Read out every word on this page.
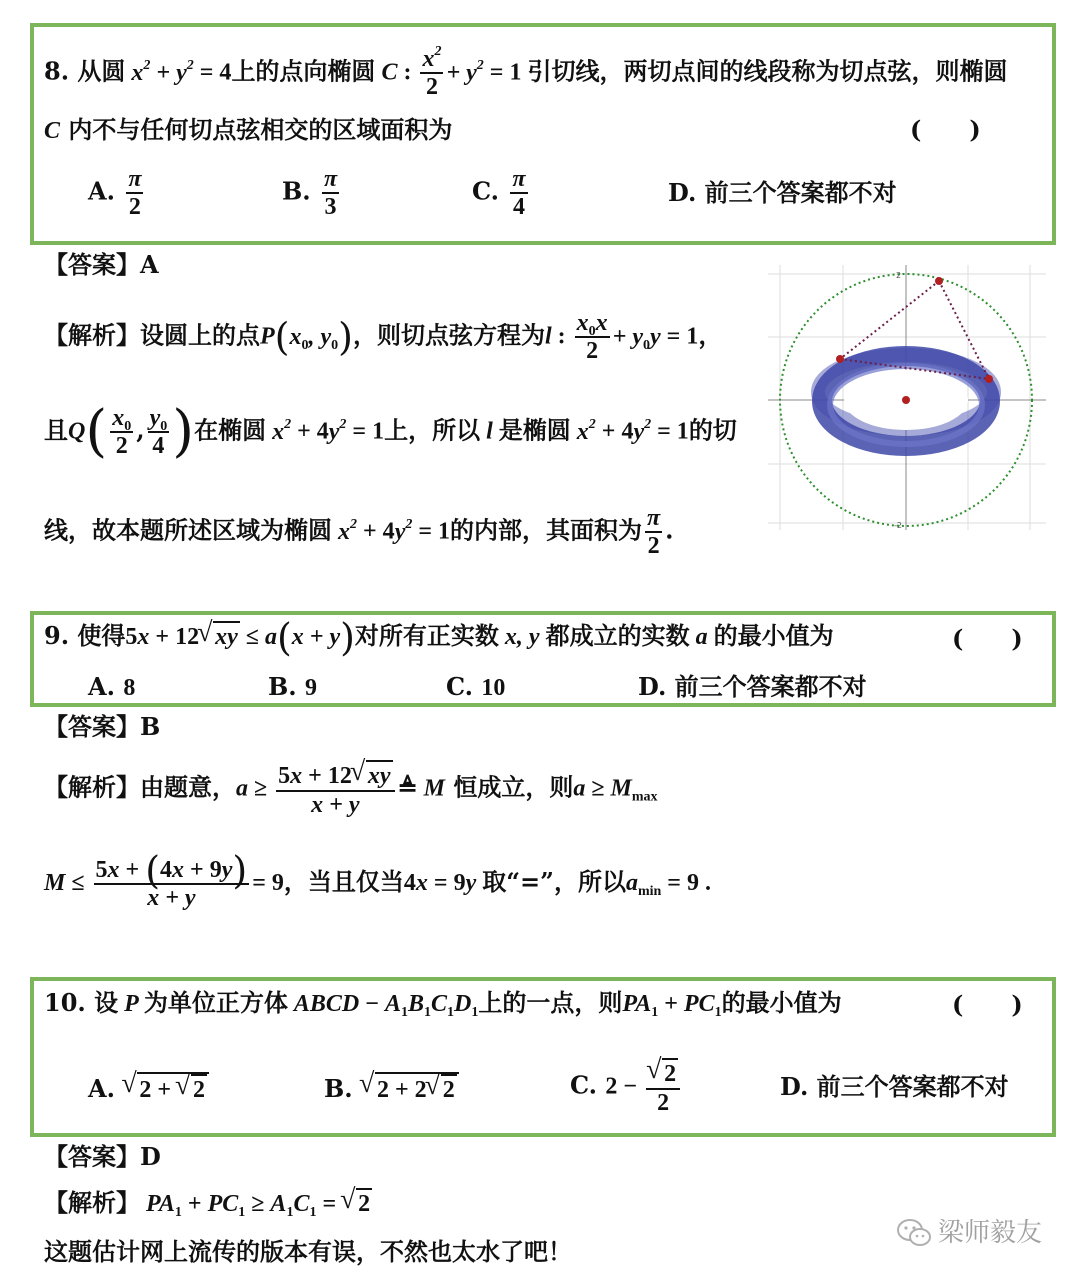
8. 从圆 $x^2 + y^2 = 4$上的点向椭圆 C : $\frac{x^2}{2} + y^2 = 1$ 引切线，两切点间的线段称为切点弦，则椭圆
C 内不与任何切点弦相交的区域面积为	(　　)
A. $\frac{\pi}{2}$	B. $\frac{\pi}{3}$	C. $\frac{\pi}{4}$	D. 前三个答案都不对
【答案】A
【解析】设圆上的点$P(x_0$, $y_0$)，则切点弦方程为l : $\frac{x_0x}{2} + y_0y = 1$，
且$Q( \frac{x_0}{2}$ , $\frac{y_0}{4}$ )在椭圆 $x^2 + 4y^2 = 1$上，所以 l 是椭圆 $x^2 + 4y^2 = 1$的切
线，故本题所述区域为椭圆 $x^2 + 4y^2 = 1$的内部，其面积为 $\frac{\pi}{2}$ .
2
-2
9. 使得5x + 12 √ xy ≤ a(x + y)对所有正实数 x, y 都成立的实数 a 的最小值为	(　　)
A. 8	B. 9	C. 10	D. 前三个答案都不对
【答案】B
【解析】由题意，$a \ge \frac{5x + 12 √ xy}{x + y}$ ≜ M 恒成立，则$a \ge M_{max}$
$M \le \frac{5x + (4x + 9y)}{x + y} = 9$，当且仅当4x = 9y 取“=”，所以$a_{min} = 9$ .
10. 设 P 为单位正方体 ABCD − $A_1B_1C_1D_1$上的一点，则$PA_1 + PC_1$的最小值为	(　　)
A. √ 2 + √ 2	B. √ 2 + 2 √ 2	C. 2 − √ $\frac{2}{2}$	D. 前三个答案都不对
【答案】D
【解析】 $PA_1 + PC_1 \ge A_1C_1$ = √ 2
这题估计网上流传的版本有误，不然也太水了吧！
梁师毅友
